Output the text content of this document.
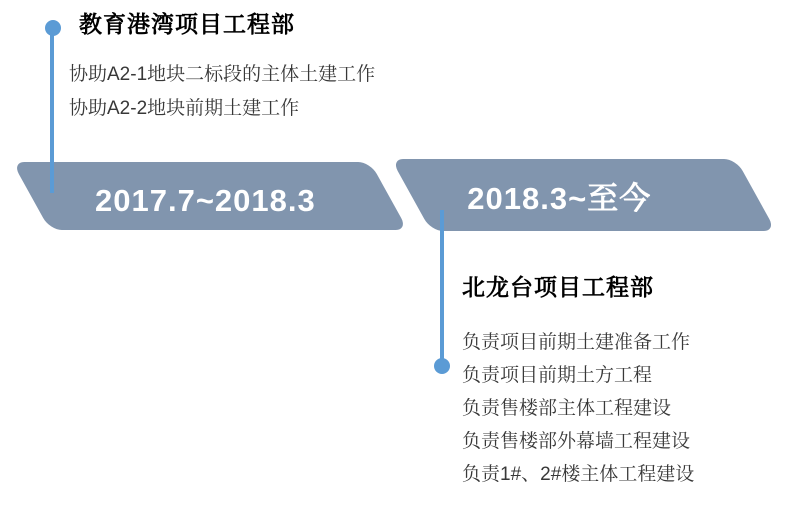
2017.7~2018.3	2018.3~至今
教育港湾项目工程部

协助A2-1地块二标段的主体土建工作

协助A2-2地块前期土建工作

北龙台项目工程部

负责项目前期土建准备工作

负责项目前期土方工程

负责售楼部主体工程建设

负责售楼部外幕墙工程建设

负责1#、2#楼主体工程建设
